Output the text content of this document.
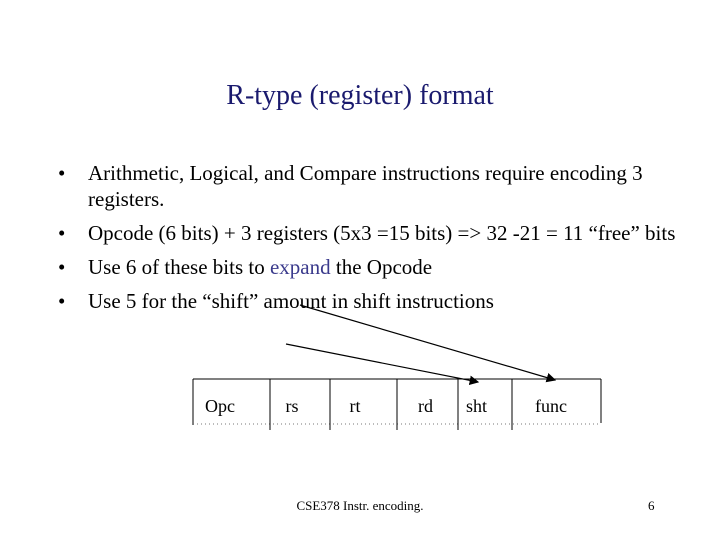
R-type (register) format
• Arithmetic, Logical, and Compare instructions require encoding 3 registers.
• Opcode (6 bits) + 3 registers (5x3 =15 bits) => 32 -21 = 11 “free” bits
• Use 6 of these bits to expand the Opcode
• Use 5 for the “shift” amount in shift instructions
Opc	rs	rt	rd	sht	func
CSE378 Instr. encoding.	6
